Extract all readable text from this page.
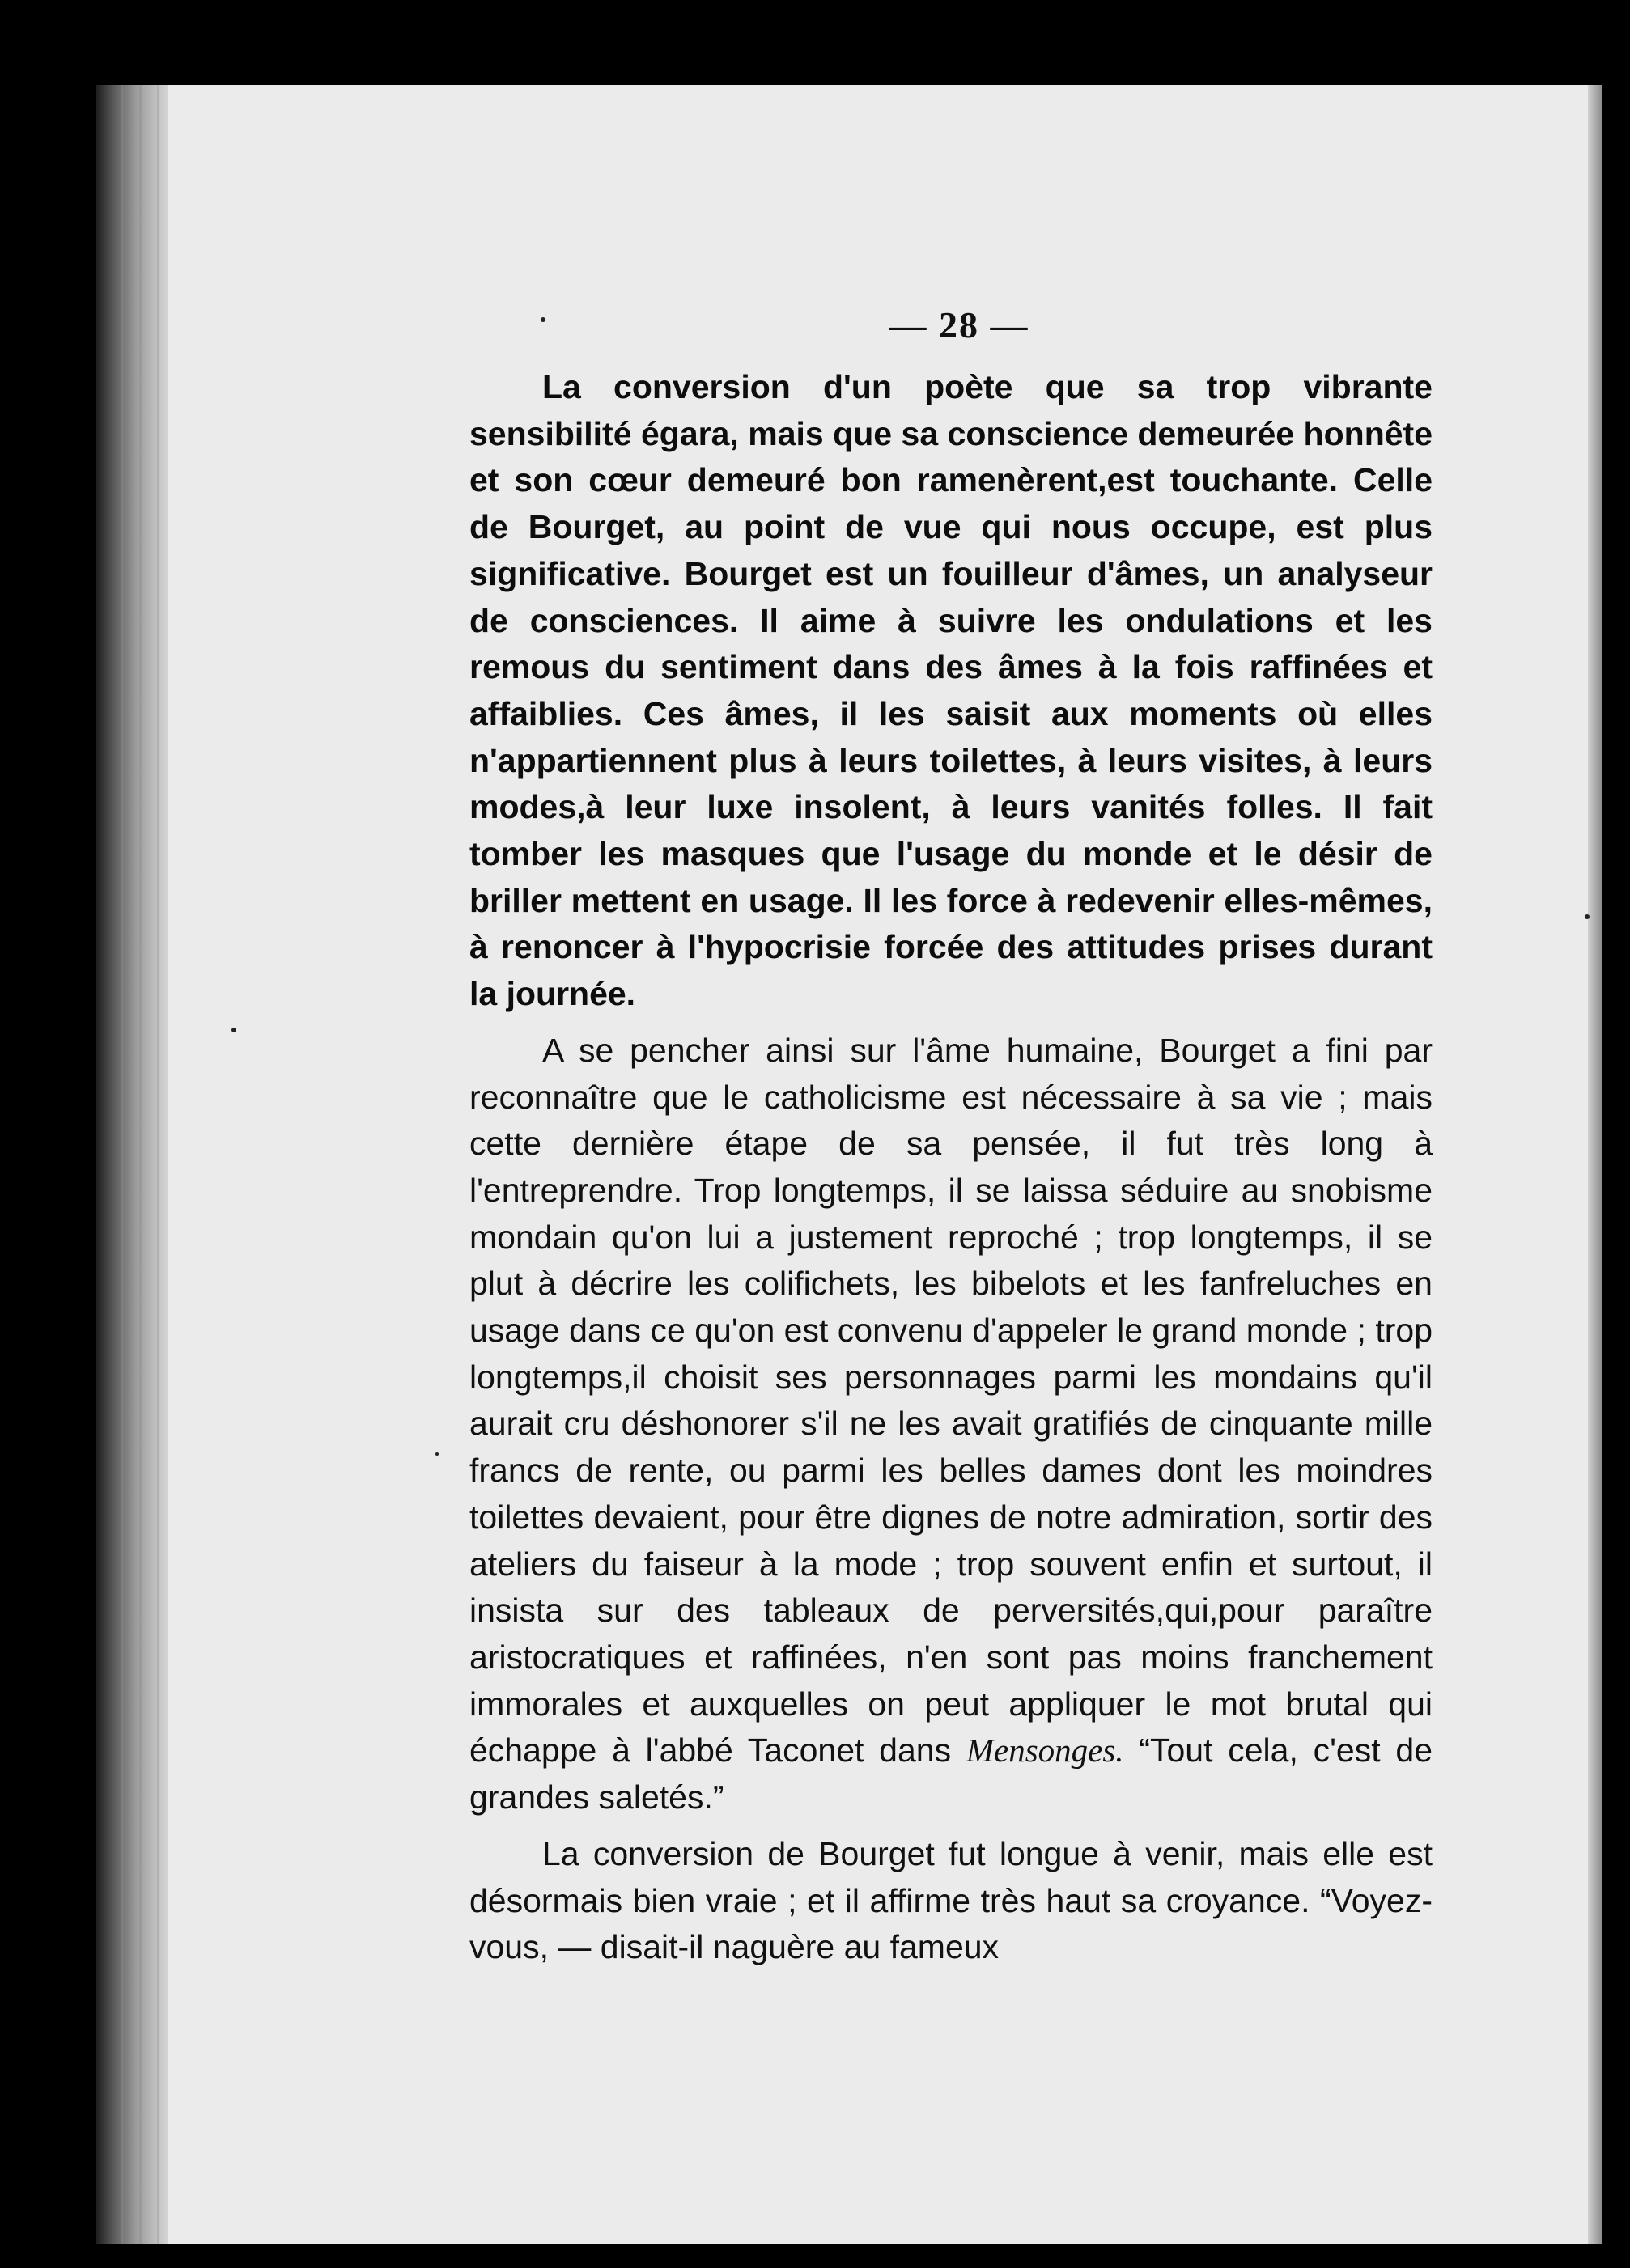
— 28 —

La conversion d'un poète que sa trop vibrante sensibilité égara, mais que sa conscience demeurée honnête et son cœur demeuré bon ramenèrent,est touchante. Celle de Bourget, au point de vue qui nous occupe, est plus significative. Bourget est un fouilleur d'âmes, un analyseur de consciences. Il aime à suivre les ondulations et les remous du sentiment dans des âmes à la fois raffinées et affaiblies. Ces âmes, il les saisit aux moments où elles n'appartiennent plus à leurs toilettes, à leurs visites, à leurs modes,à leur luxe insolent, à leurs vanités folles. Il fait tomber les masques que l'usage du monde et le désir de briller mettent en usage. Il les force à redevenir elles-mêmes, à renoncer à l'hypocrisie forcée des attitudes prises durant la journée.

A se pencher ainsi sur l'âme humaine, Bourget a fini par reconnaître que le catholicisme est nécessaire à sa vie ; mais cette dernière étape de sa pensée, il fut très long à l'entreprendre. Trop longtemps, il se laissa séduire au snobisme mondain qu'on lui a justement reproché ; trop longtemps, il se plut à décrire les colifichets, les bibelots et les fanfreluches en usage dans ce qu'on est convenu d'appeler le grand monde ; trop longtemps,il choisit ses personnages parmi les mondains qu'il aurait cru déshonorer s'il ne les avait gratifiés de cinquante mille francs de rente, ou parmi les belles dames dont les moindres toilettes devaient, pour être dignes de notre admiration, sortir des ateliers du faiseur à la mode ; trop souvent enfin et surtout, il insista sur des tableaux de perversités,qui,pour paraître aristocratiques et raffinées, n'en sont pas moins franchement immorales et auxquelles on peut appliquer le mot brutal qui échappe à l'abbé Taconet dans Mensonges. “Tout cela, c'est de grandes saletés.”

La conversion de Bourget fut longue à venir, mais elle est désormais bien vraie ; et il affirme très haut sa croyance. “Voyez-vous, — disait-il naguère au fameux
